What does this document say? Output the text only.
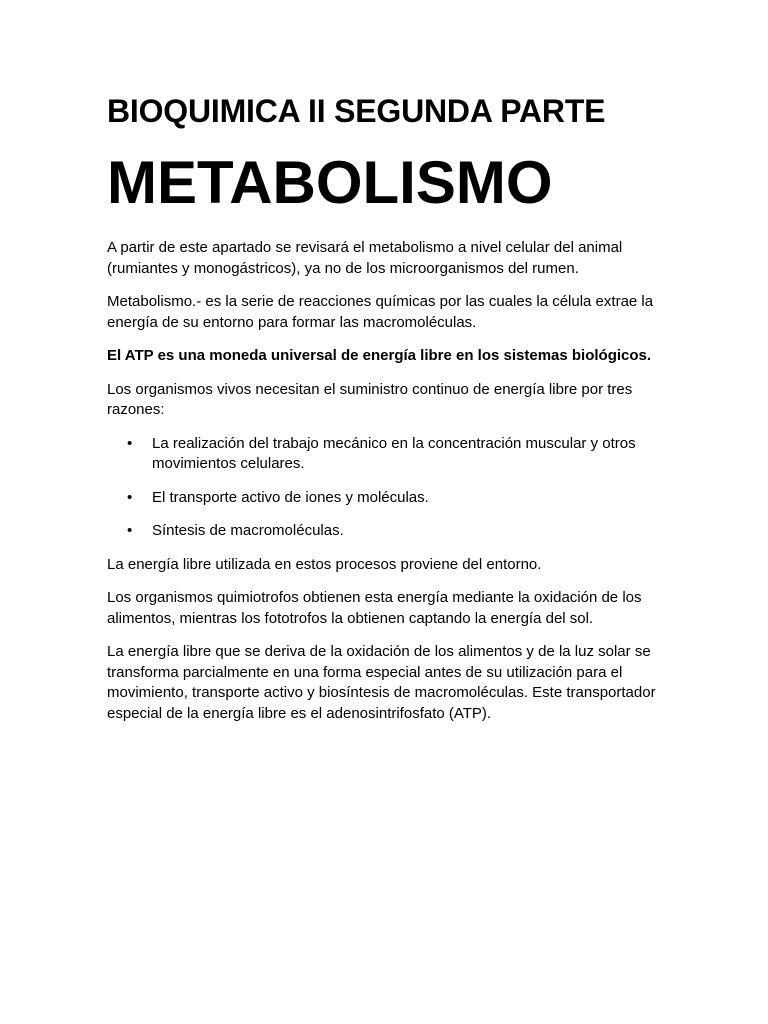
BIOQUIMICA II SEGUNDA PARTE
METABOLISMO

A partir de este apartado se revisará el metabolismo a nivel celular del animal (rumiantes y monogástricos), ya no de los microorganismos del rumen.

Metabolismo.- es la serie de reacciones químicas por las cuales la célula extrae la energía de su entorno para formar las macromoléculas.

El ATP es una moneda universal de energía libre en los sistemas biológicos.

Los organismos vivos necesitan el suministro continuo de energía libre por tres razones:

• La realización del trabajo mecánico en la concentración muscular y otros movimientos celulares.
• El transporte activo de iones y moléculas.
• Síntesis de macromoléculas.

La energía libre utilizada en estos procesos proviene del entorno.

Los organismos quimiotrofos obtienen esta energía mediante la oxidación de los alimentos, mientras los fototrofos la obtienen captando la energía del sol.

La energía libre que se deriva de la oxidación de los alimentos y de la luz solar se transforma parcialmente en una forma especial antes de su utilización para el movimiento, transporte activo y biosíntesis de macromoléculas. Este transportador especial de la energía libre es el adenosintrifosfato (ATP).
